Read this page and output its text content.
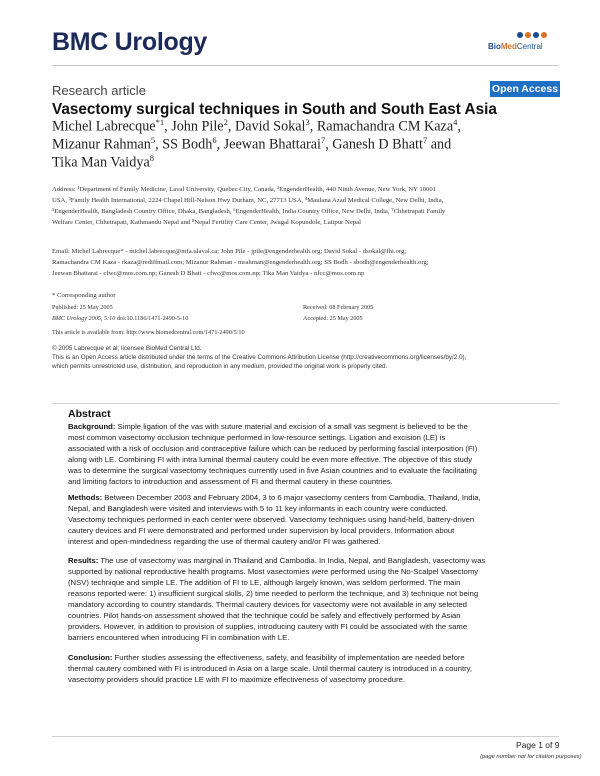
BMC Urology	BioMedCentral
Research article	Open Access
Vasectomy surgical techniques in South and South East Asia
Michel Labrecque$^{*1}$, John Pile$^2$, David Sokal$^3$, Ramachandra CM Kaza$^4$,
Mizanur Rahman$^5$, SS Bodh$^6$, Jeewan Bhattarai$^7$, Ganesh D Bhatt$^7$ and
Tika Man Vaidya$^8$
Address: ¹Department of Family Medicine, Laval University, Quebec City, Canada, ²EngenderHealth, 440 Ninth Avenue, New York, NY 10001
USA, ³Family Health International, 2224 Chapel Hill-Nelson Hwy Durham, NC, 27713 USA, ⁴Maulana Azad Medical College, New Delhi, India,
⁵EngenderHealth, Bangladesh Country Office, Dhaka, Bangladesh, ⁶EngenderHealth, India Country Office, New Delhi, India, ⁷Chhetrapati Family
Welfare Center, Chhetrapati, Kathmandu Nepal and ⁸Nepal Fertility Care Center, Jwagal Kopundole, Laitpur Nepal
Email: Michel Labrecque* - michel.labrecque@mfa.ulaval.ca; John Pile - jpile@engenderhealth.org; David Sokal - dsokal@fhi.org;
Ramachandra CM Kaza - rkaza@rediffmail.com; Mizanur Rahman - mrahman@engenderhealth.org; SS Bodh - sbodh@engenderhealth.org;
Jeewan Bhattarai - cfwc@mos.com.np; Ganesh D Bhatt - cfwc@mos.com.np; Tika Man Vaidya - nfcc@mos.com.np
* Corresponding author
Published: 25 May 2005
BMC Urology 2005, 5:10 doi:10.1186/1471-2490-5-10
Received: 08 February 2005
Accepted: 25 May 2005
This article is available from: http://www.biomedcentral.com/1471-2490/5/10
© 2005 Labrecque et al; licensee BioMed Central Ltd.
This is an Open Access article distributed under the terms of the Creative Commons Attribution License (http://creativecommons.org/licenses/by/2.0),
which permits unrestricted use, distribution, and reproduction in any medium, provided the original work is properly cited.
Abstract
Background: Simple ligation of the vas with suture material and excision of a small vas segment is believed to be the
most common vasectomy occlusion technique performed in low-resource settings. Ligation and excision (LE) is
associated with a risk of occlusion and contraceptive failure which can be reduced by performing fascial interposition (FI)
along with LE. Combining FI with intra luminal thermal cautery could be even more effective. The objective of this study
was to determine the surgical vasectomy techniques currently used in five Asian countries and to evaluate the facilitating
and limiting factors to introduction and assessment of FI and thermal cautery in these countries.
Methods: Between December 2003 and February 2004, 3 to 6 major vasectomy centers from Cambodia, Thailand, India,
Nepal, and Bangladesh were visited and interviews with 5 to 11 key informants in each country were conducted.
Vasectomy techniques performed in each center were observed. Vasectomy techniques using hand-held, battery-driven
cautery devices and FI were demonstrated and performed under supervision by local providers. Information about
interest and open-mindedness regarding the use of thermal cautery and/or FI was gathered.
Results: The use of vasectomy was marginal in Thailand and Cambodia. In India, Nepal, and Bangladesh, vasectomy was
supported by national reproductive health programs. Most vasectomies were performed using the No-Scalpel Vasectomy
(NSV) technique and simple LE. The addition of FI to LE, although largely known, was seldom performed. The main
reasons reported were: 1) insufficient surgical skills, 2) time needed to perform the technique, and 3) technique not being
mandatory according to country standards. Thermal cautery devices for vasectomy were not available in any selected
countries. Pilot hands-on assessment showed that the technique could be safely and effectively performed by Asian
providers. However, in addition to provision of supplies, introducing cautery with FI could be associated with the same
barriers encountered when introducing FI in combination with LE.
Conclusion: Further studies assessing the effectiveness, safety, and feasibility of implementation are needed before
thermal cautery combined with FI is introduced in Asia on a large scale. Until thermal cautery is introduced in a country,
vasectomy providers should practice LE with FI to maximize effectiveness of vasectomy procedure.
Page 1 of 9
(page number not for citation purposes)
